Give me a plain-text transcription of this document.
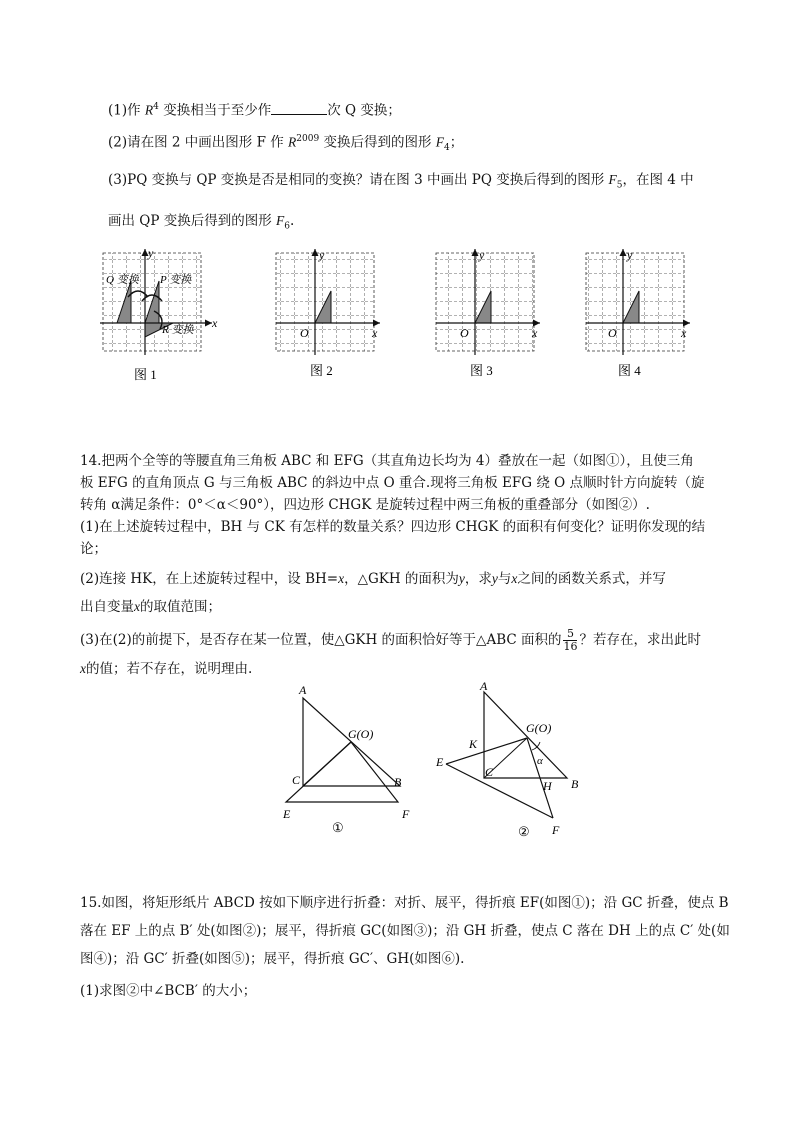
(1)作 $R^4$ 变换相当于至少作	次 Q 变换；
(2)请在图 2 中画出图形 F 作 $R^{2009}$ 变换后得到的图形 $F_4$；
(3)PQ 变换与 QP 变换是否是相同的变换？请在图 3 中画出 PQ 变换后得到的图形 $F_5$，在图 4 中
画出 QP 变换后得到的图形 $F_6$.
Q 变换 P 变换
R 变换 x
y
图 1
x
y
O
图 2
x
y
O
图 3
x
y
O
图 4
14.把两个全等的等腰直角三角板 ABC 和 EFG（其直角边长均为 4）叠放在一起（如图①），且使三角
板 EFG 的直角顶点 G 与三角板 ABC 的斜边中点 O 重合.现将三角板 EFG 绕 O 点顺时针方向旋转（旋
转角 α满足条件：0°＜α＜90°），四边形 CHGK 是旋转过程中两三角板的重叠部分（如图②）.
(1)在上述旋转过程中，BH 与 CK 有怎样的数量关系？四边形 CHGK 的面积有何变化？证明你发现的结
论；
(2)连接 HK，在上述旋转过程中，设 BH=x，△GKH 的面积为y，求y与x之间的函数关系式，并写
出自变量x的取值范围；
(3)在(2)的前提下，是否存在某一位置，使△GKH 的面积恰好等于△ABC 面积的 $\frac{5}{16}$ ？若存在，求出此时
x的值；若不存在，说明理由.
A
G(O)
C	B
E	F
①
A
G(O)
K
E
C
α
H B
F
②
15.如图，将矩形纸片 ABCD 按如下顺序进行折叠：对折、展平，得折痕 EF(如图①)；沿 GC 折叠，使点 B
落在 EF 上的点 B′ 处(如图②)；展平，得折痕 GC(如图③)；沿 GH 折叠，使点 C 落在 DH 上的点 C′ 处(如
图④)；沿 GC′ 折叠(如图⑤)；展平，得折痕 GC′、GH(如图⑥).
(1)求图②中∠BCB′ 的大小；
